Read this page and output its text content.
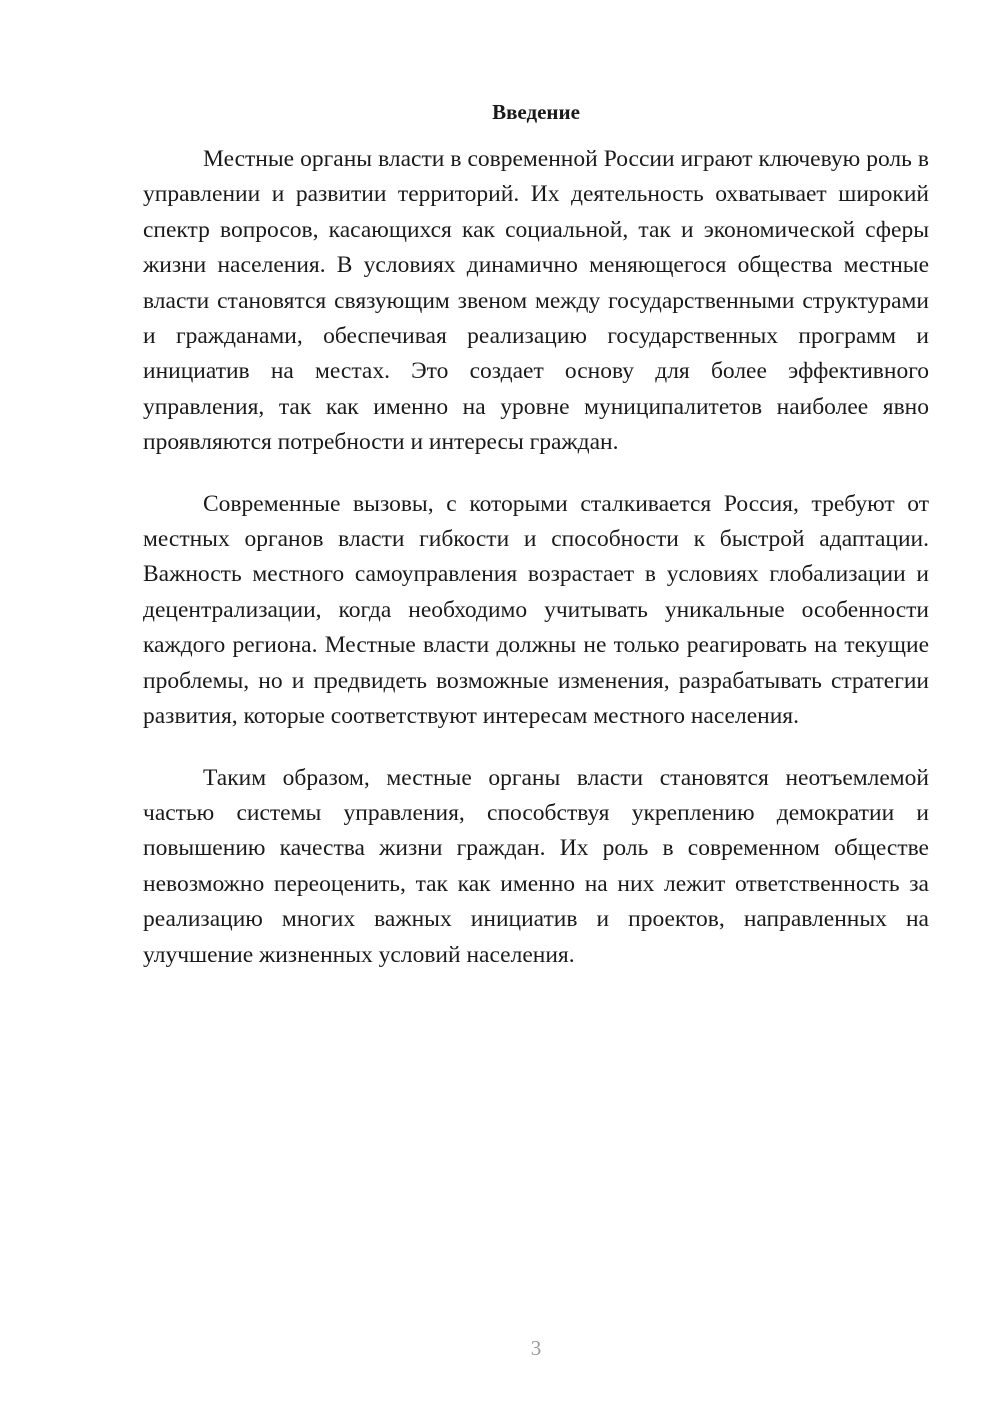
Введение

Местные органы власти в современной России играют ключевую роль в управлении и развитии территорий. Их деятельность охватывает широкий спектр вопросов, касающихся как социальной, так и экономической сферы жизни населения. В условиях динамично меняющегося общества местные власти становятся связующим звеном между государственными структурами и гражданами, обеспечивая реализацию государственных программ и инициатив на местах. Это создает основу для более эффективного управления, так как именно на уровне муниципалитетов наиболее явно проявляются потребности и интересы граждан.

Современные вызовы, с которыми сталкивается Россия, требуют от местных органов власти гибкости и способности к быстрой адаптации. Важность местного самоуправления возрастает в условиях глобализации и децентрализации, когда необходимо учитывать уникальные особенности каждого региона. Местные власти должны не только реагировать на текущие проблемы, но и предвидеть возможные изменения, разрабатывать стратегии развития, которые соответствуют интересам местного населения.

Таким образом, местные органы власти становятся неотъемлемой частью системы управления, способствуя укреплению демократии и повышению качества жизни граждан. Их роль в современном обществе невозможно переоценить, так как именно на них лежит ответственность за реализацию многих важных инициатив и проектов, направленных на улучшение жизненных условий населения.

3
